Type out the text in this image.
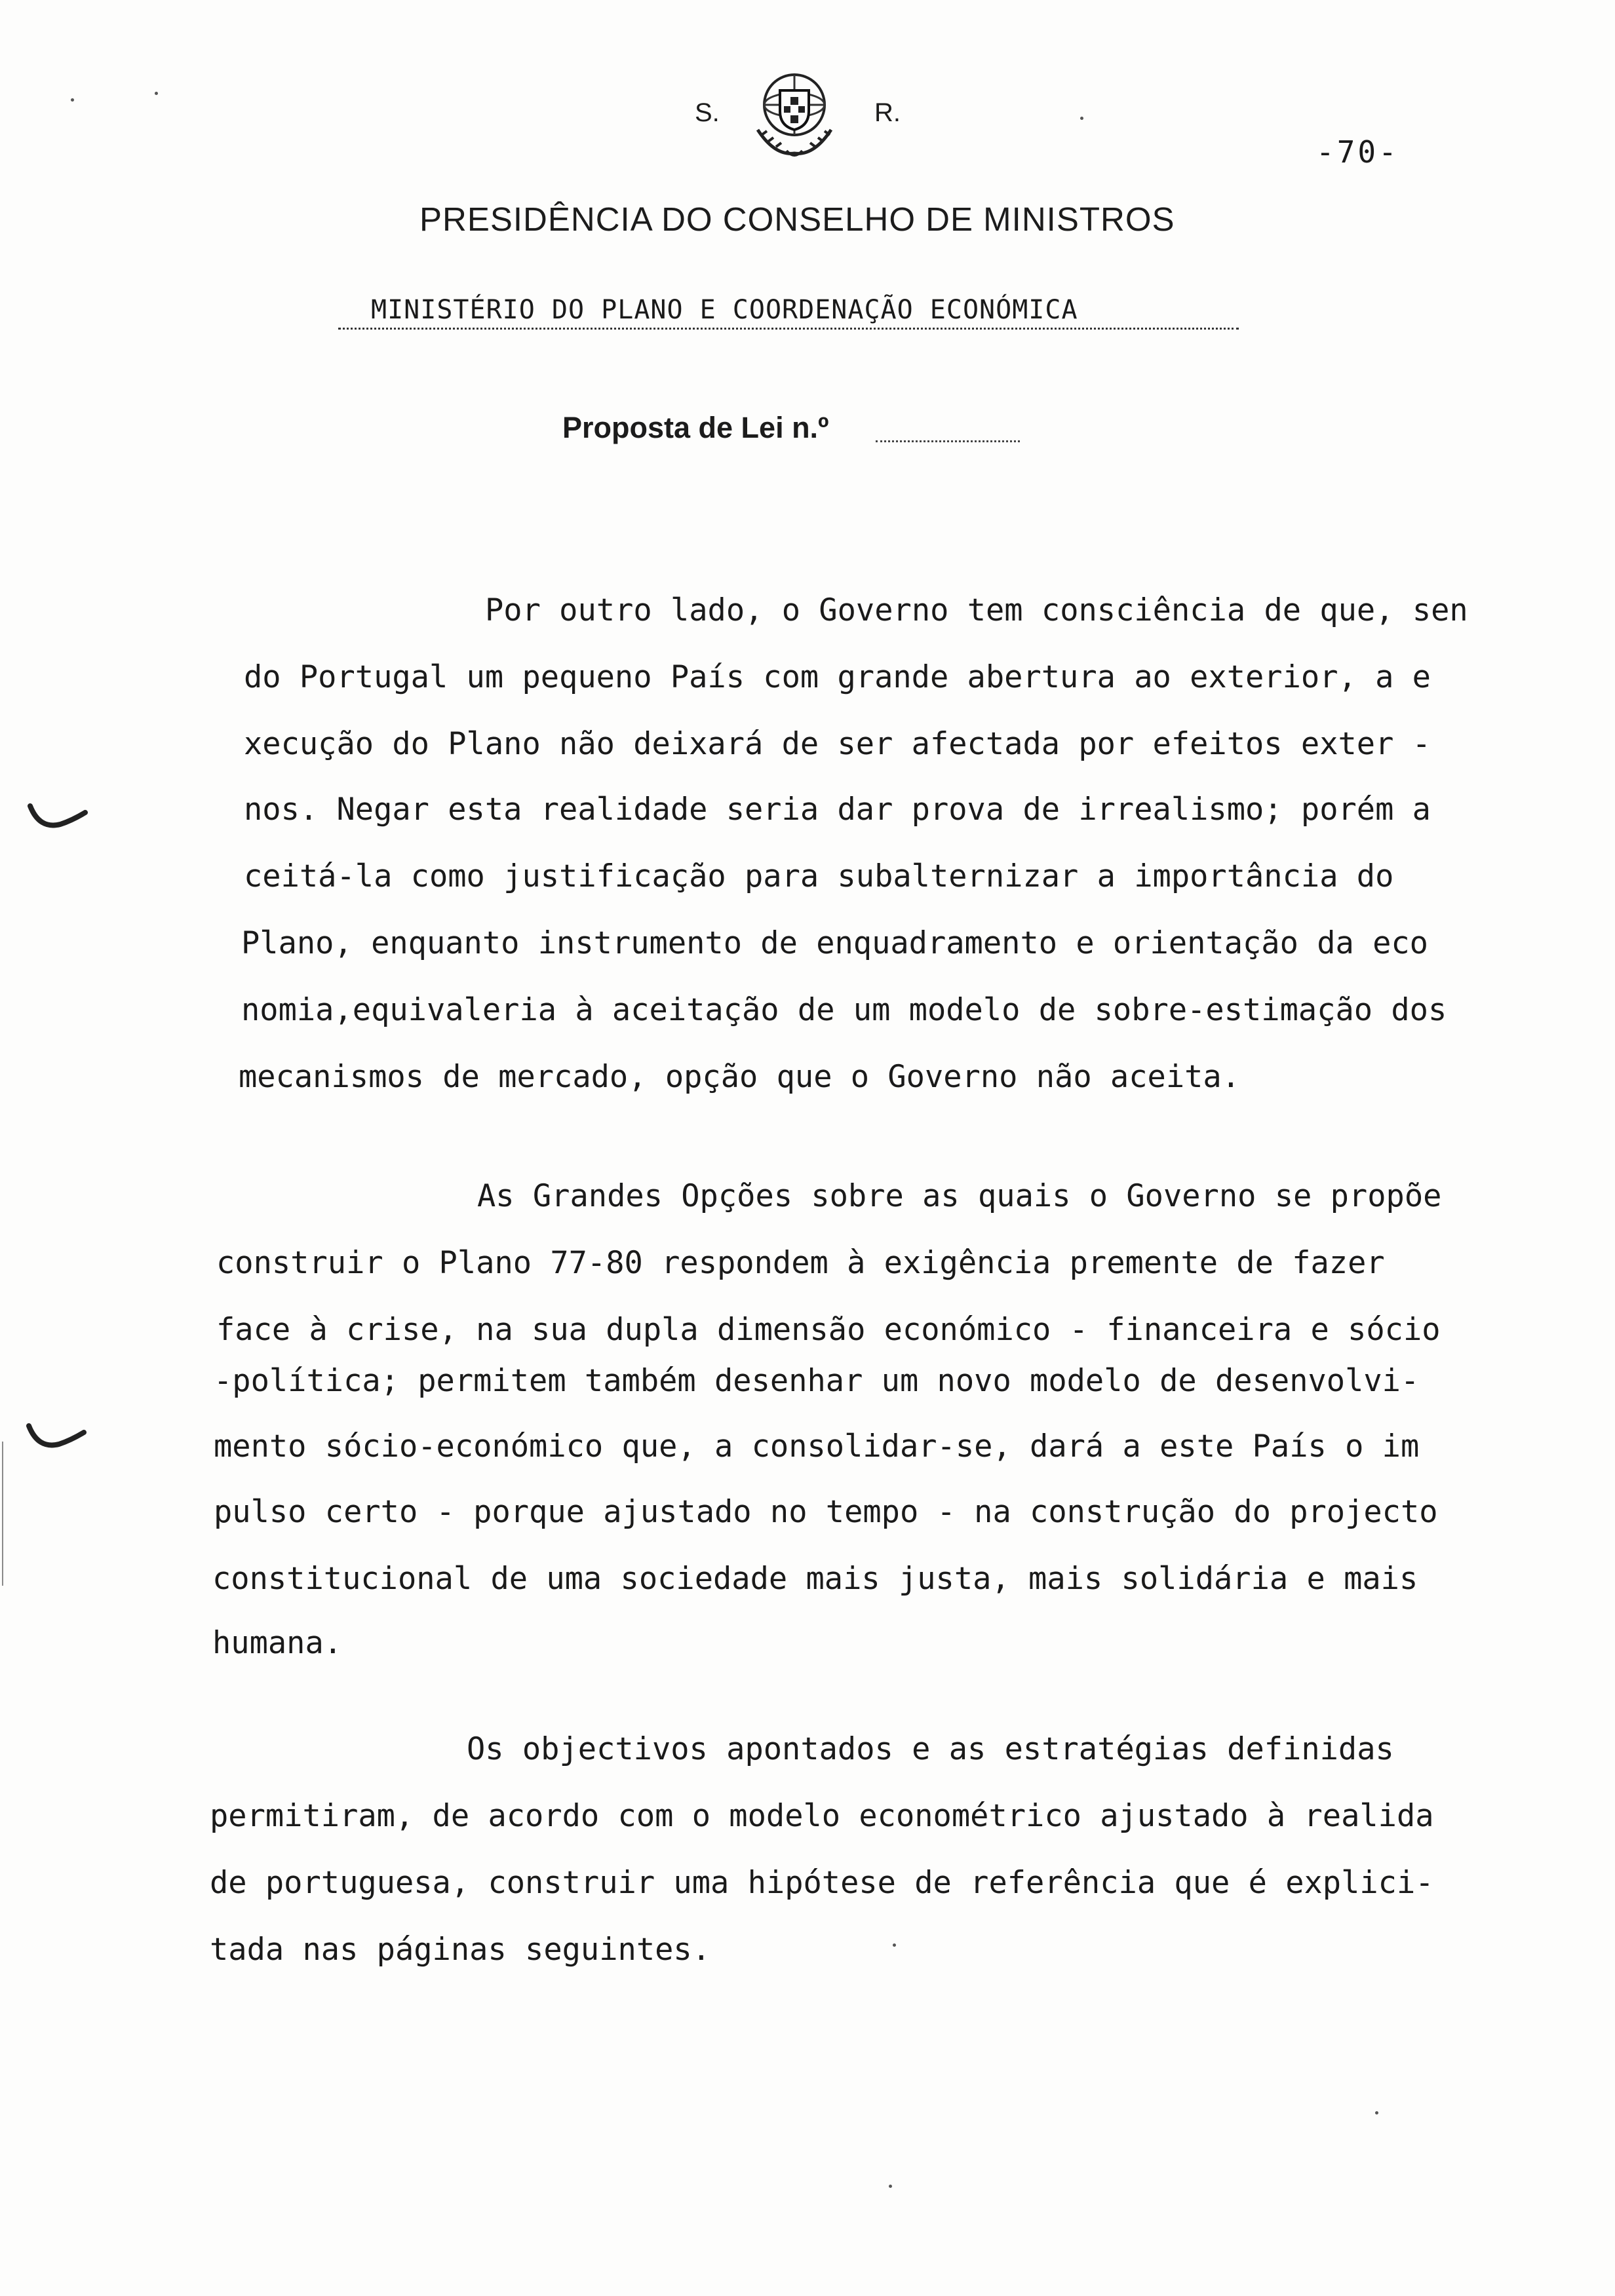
S.	R.
-70-
PRESIDÊNCIA DO CONSELHO DE MINISTROS
MINISTÉRIO DO PLANO E COORDENAÇÃO ECONÓMICA
Proposta de Lei n.º
Por outro lado, o Governo tem consciência de que, sen
do Portugal um pequeno País com grande abertura ao exterior, a e
xecução do Plano não deixará de ser afectada por efeitos exter -
nos. Negar esta realidade seria dar prova de irrealismo; porém a
ceitá-la como justificação para subalternizar a importância do
Plano, enquanto instrumento de enquadramento e orientação da eco
nomia,equivaleria à aceitação de um modelo de sobre-estimação dos
mecanismos de mercado, opção que o Governo não aceita.
As Grandes Opções sobre as quais o Governo se propõe
construir o Plano 77-80 respondem à exigência premente de fazer
face à crise, na sua dupla dimensão económico - financeira e sócio
-política; permitem também desenhar um novo modelo de desenvolvi-
mento sócio-económico que, a consolidar-se, dará a este País o im
pulso certo - porque ajustado no tempo - na construção do projecto
constitucional de uma sociedade mais justa, mais solidária e mais
humana.
Os objectivos apontados e as estratégias definidas
permitiram, de acordo com o modelo econométrico ajustado à realida
de portuguesa, construir uma hipótese de referência que é explici-
tada nas páginas seguintes.
